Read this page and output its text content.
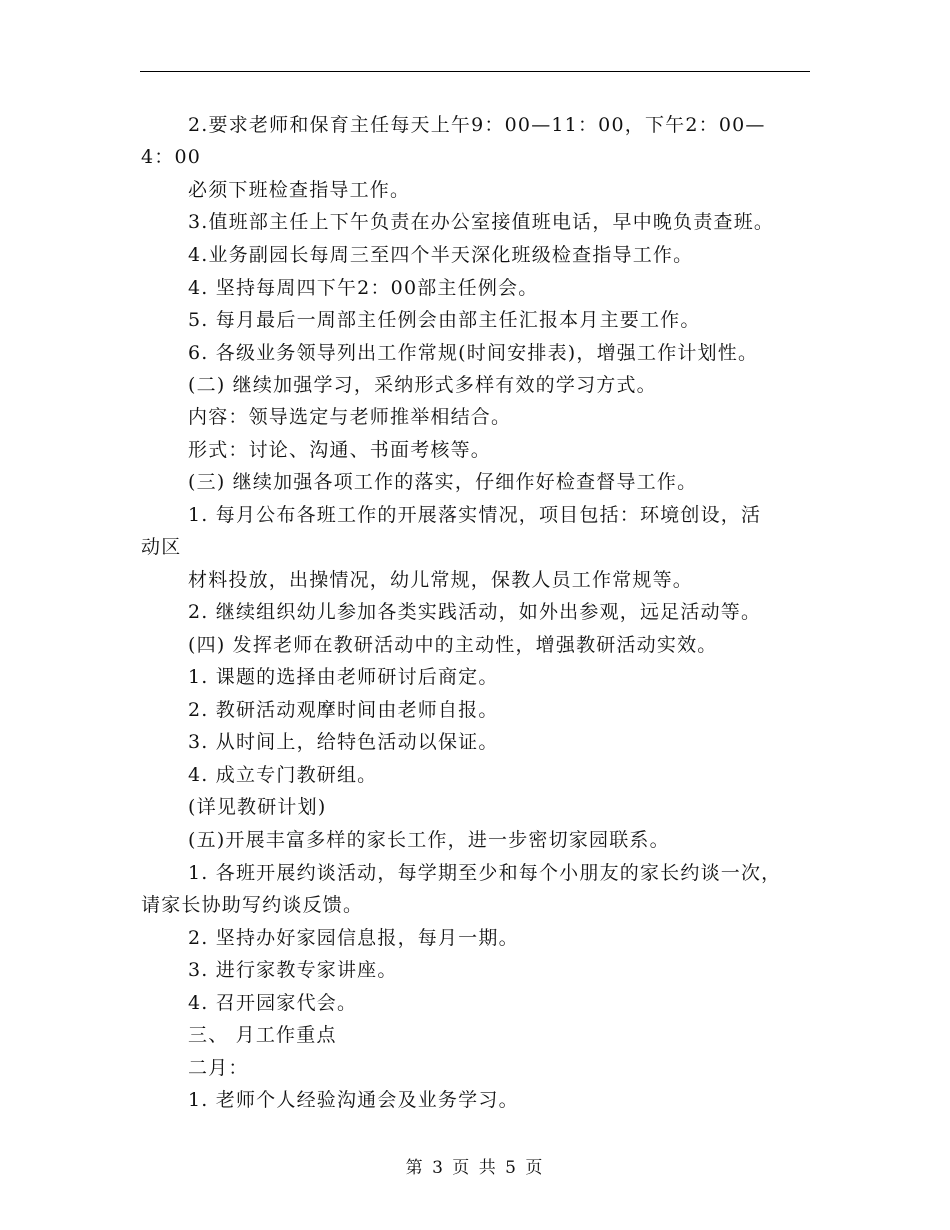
2.要求老师和保育主任每天上午9：00—11：00，下午2：00—
4：00
必须下班检查指导工作。
3.值班部主任上下午负责在办公室接值班电话，早中晚负责查班。
4.业务副园长每周三至四个半天深化班级检查指导工作。
4. 坚持每周四下午2：00部主任例会。
5. 每月最后一周部主任例会由部主任汇报本月主要工作。
6. 各级业务领导列出工作常规(时间安排表)，增强工作计划性。
(二) 继续加强学习，采纳形式多样有效的学习方式。
内容：领导选定与老师推举相结合。
形式：讨论、沟通、书面考核等。
(三) 继续加强各项工作的落实，仔细作好检查督导工作。
1. 每月公布各班工作的开展落实情况，项目包括：环境创设，活
动区
材料投放，出操情况，幼儿常规，保教人员工作常规等。
2. 继续组织幼儿参加各类实践活动，如外出参观，远足活动等。
(四) 发挥老师在教研活动中的主动性，增强教研活动实效。
1. 课题的选择由老师研讨后商定。
2. 教研活动观摩时间由老师自报。
3. 从时间上，给特色活动以保证。
4. 成立专门教研组。
(详见教研计划)
(五)开展丰富多样的家长工作，进一步密切家园联系。
1. 各班开展约谈活动，每学期至少和每个小朋友的家长约谈一次，
请家长协助写约谈反馈。
2. 坚持办好家园信息报，每月一期。
3. 进行家教专家讲座。
4. 召开园家代会。
三、 月工作重点
二月：
1. 老师个人经验沟通会及业务学习。
第 3 页 共 5 页
